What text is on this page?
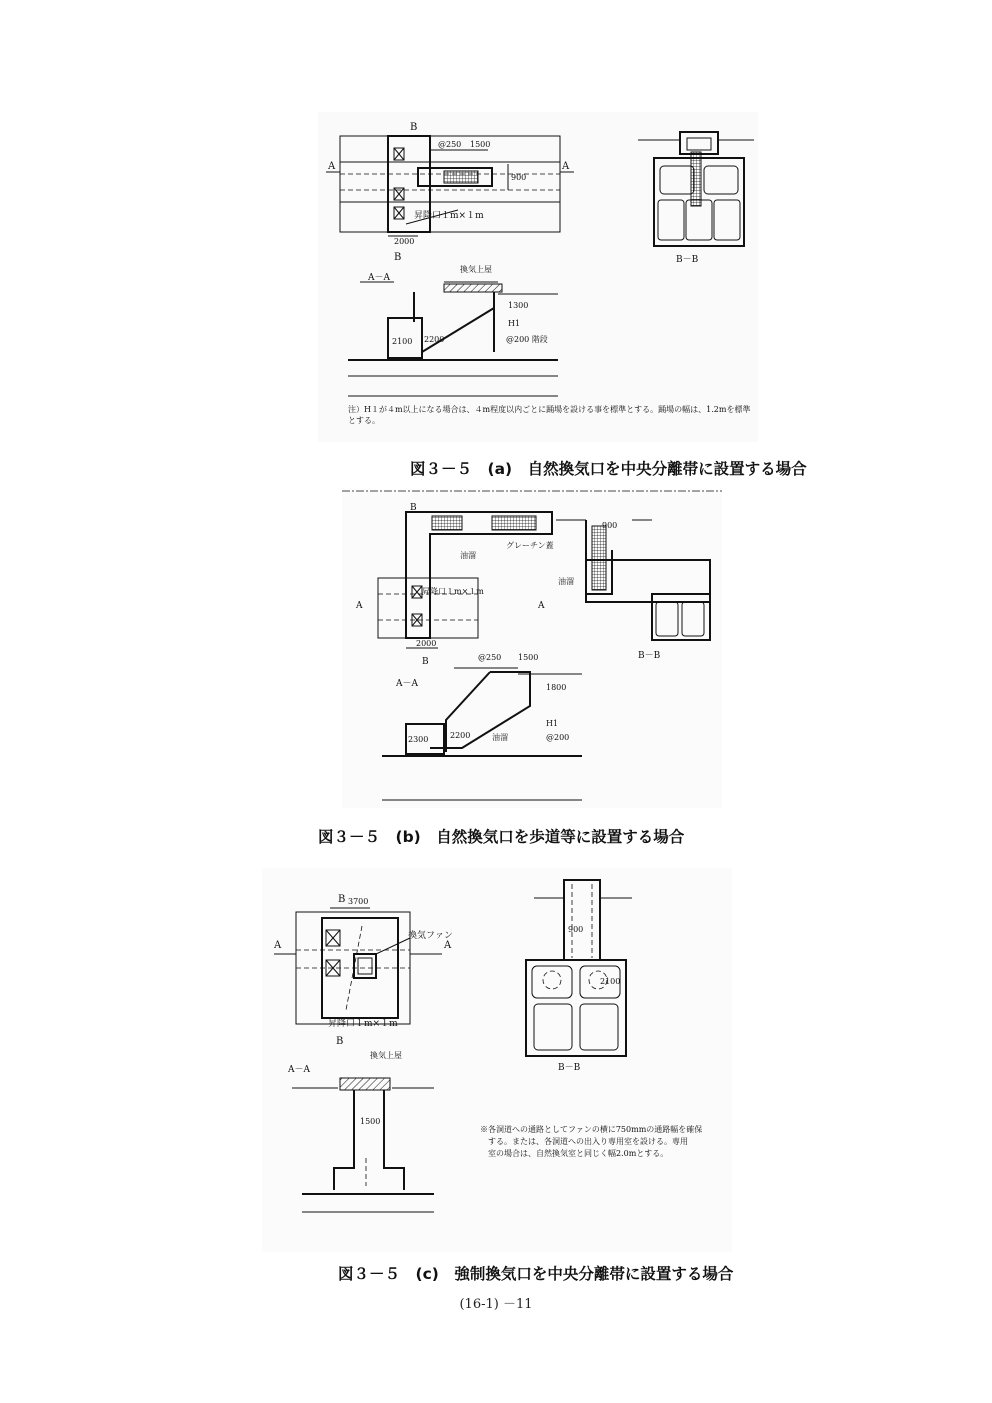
A	A
B
B
@250 1500
900
2000
昇降口１m×１m
B－B
A－A
換気上屋
1300
H1
@200 階段
2100 2200
注）H１が４m以上になる場合は、４m程度以内ごとに踊場を設ける事を標準とする。踊場の幅は、1.2mを標準とする。
図３－５　(a)　自然換気口を中央分離帯に設置する場合
A	A
B
B
2000
油溜
グレーチン蓋
昇降口１m×１m
900
油溜
B－B
A－A
@250 1500
1800
H1
@200
2300	2200	油溜
図３－５　(b)　自然換気口を歩道等に設置する場合
A	A
B
B
3700
換気ファン
昇降口１m×１m
900
2100
B－B
A－A
換気上屋
1500
※各洞道への通路としてファンの横に750mmの通路幅を確保
する。または、各洞道への出入り専用室を設ける。専用
室の場合は、自然換気室と同じく幅2.0mとする。
図３－５　(c)　強制換気口を中央分離帯に設置する場合
(16-1) －11
